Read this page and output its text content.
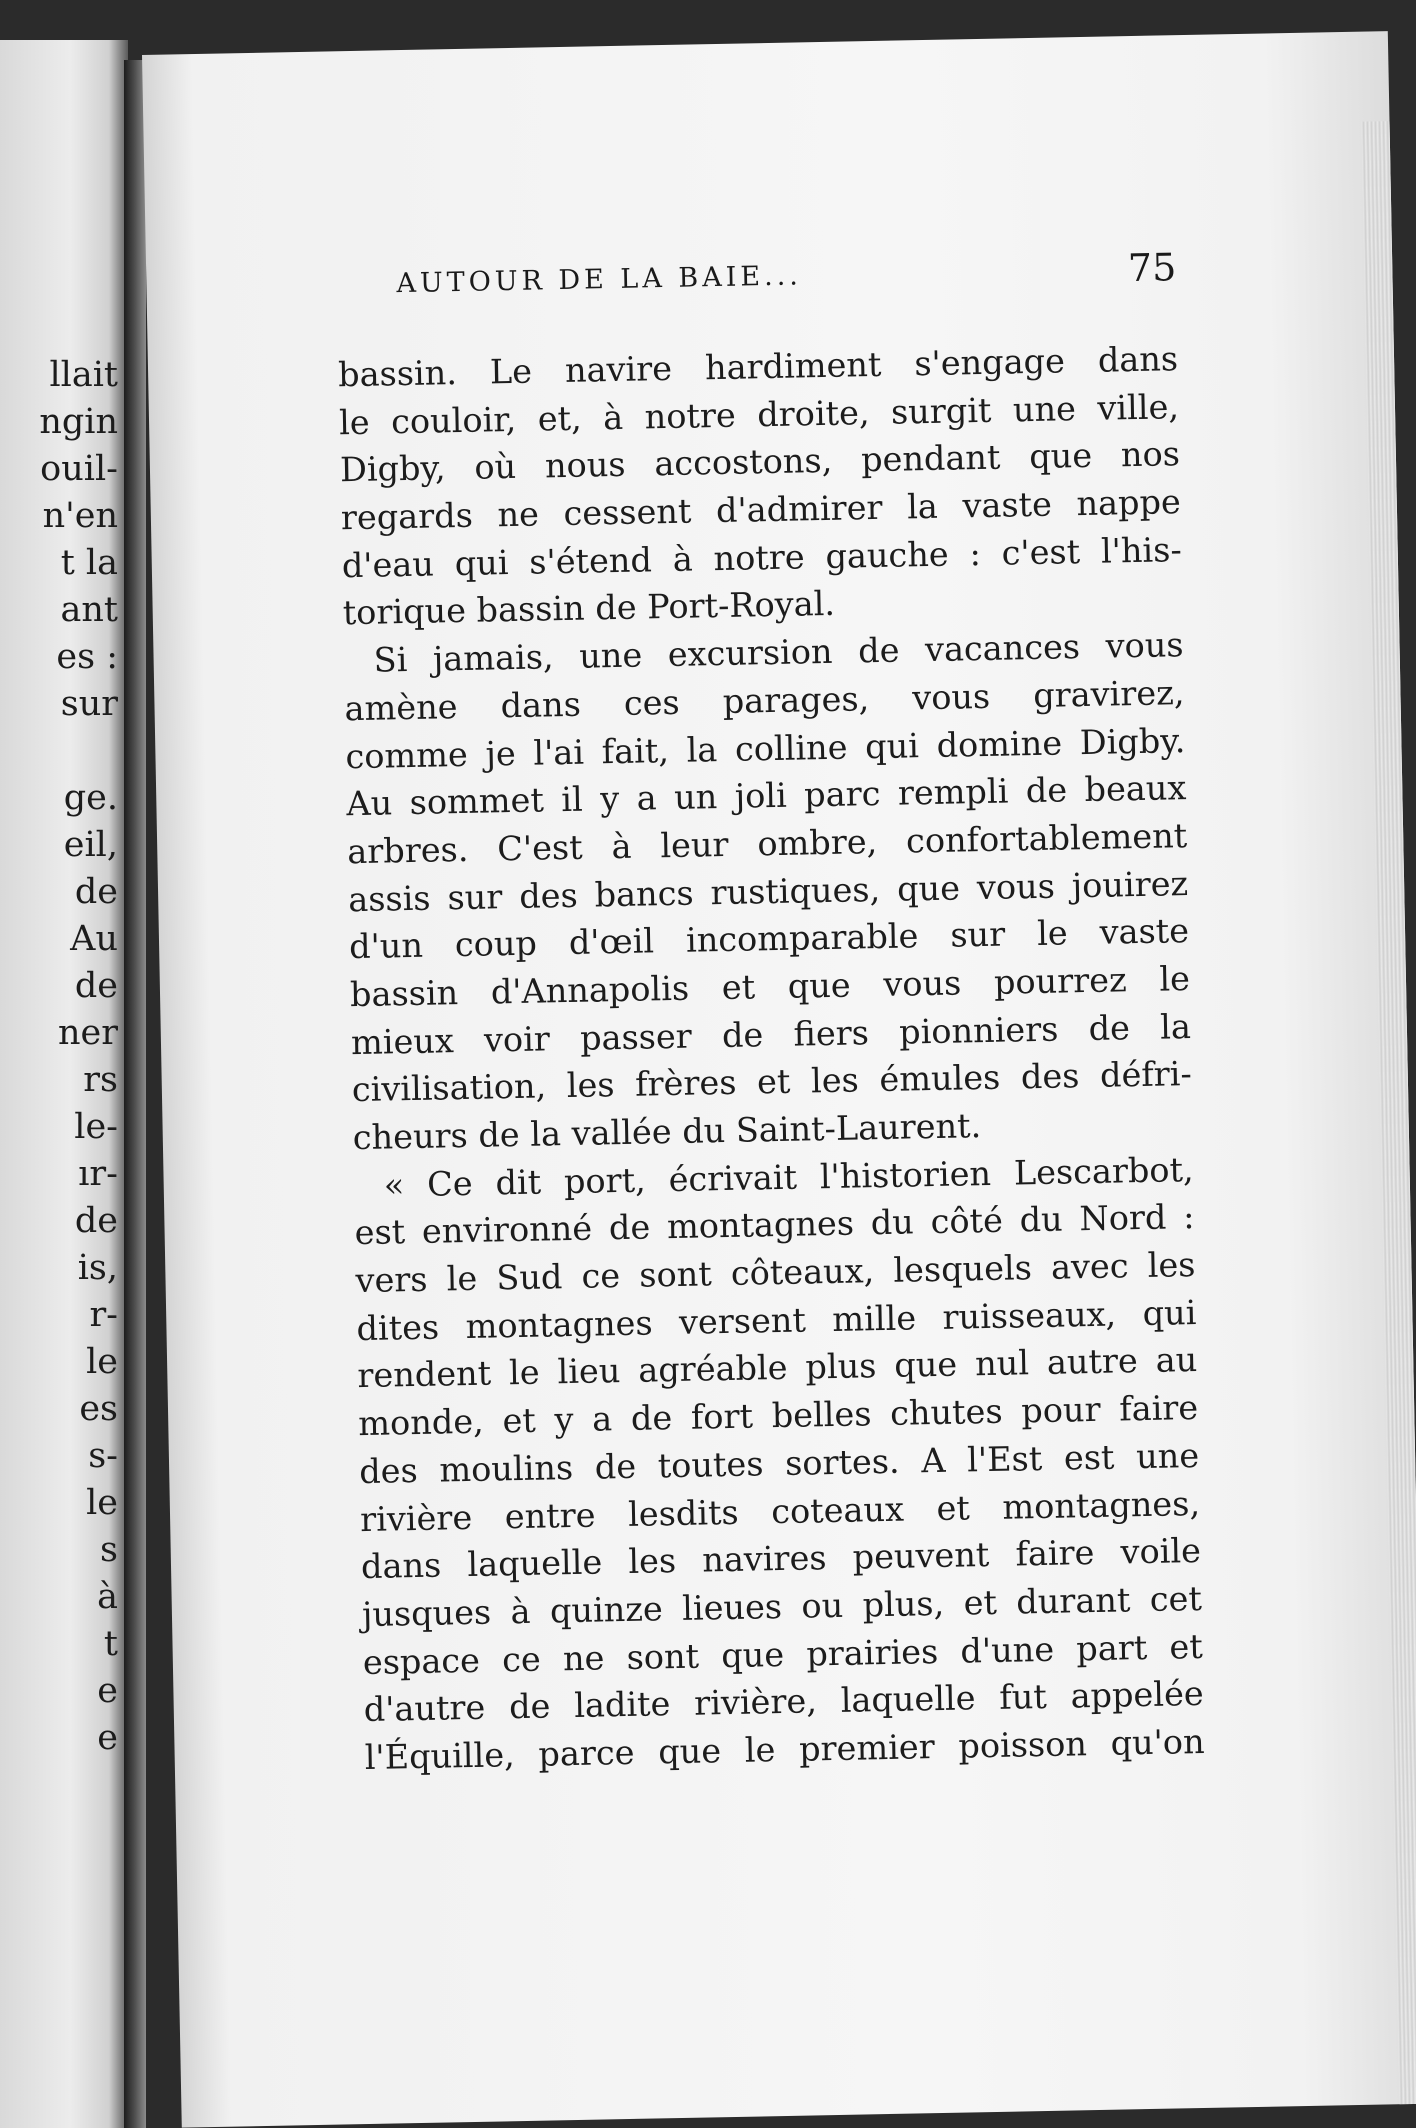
llait
ngin
ouil-
n'en
t la
ant
es :
sur
ge.
eil,
de
Au
de
ner
rs
le-
ır-
de
is,
r-
le
es
s-
le
s
à
t
e
e
AUTOUR DE LA BAIE...	75
bassin. Le navire hardiment s'engage dans
le couloir, et, à notre droite, surgit une ville,
Digby, où nous accostons, pendant que nos
regards ne cessent d'admirer la vaste nappe
d'eau qui s'étend à notre gauche : c'est l'his-
torique bassin de Port-Royal.
Si jamais, une excursion de vacances vous
amène dans ces parages, vous gravirez,
comme je l'ai fait, la colline qui domine Digby.
Au sommet il y a un joli parc rempli de beaux
arbres. C'est à leur ombre, confortablement
assis sur des bancs rustiques, que vous jouirez
d'un coup d'œil incomparable sur le vaste
bassin d'Annapolis et que vous pourrez le
mieux voir passer de fiers pionniers de la
civilisation, les frères et les émules des défri-
cheurs de la vallée du Saint-Laurent.
« Ce dit port, écrivait l'historien Lescarbot,
est environné de montagnes du côté du Nord :
vers le Sud ce sont côteaux, lesquels avec les
dites montagnes versent mille ruisseaux, qui
rendent le lieu agréable plus que nul autre au
monde, et y a de fort belles chutes pour faire
des moulins de toutes sortes. A l'Est est une
rivière entre lesdits coteaux et montagnes,
dans laquelle les navires peuvent faire voile
jusques à quinze lieues ou plus, et durant cet
espace ce ne sont que prairies d'une part et
d'autre de ladite rivière, laquelle fut appelée
l'Équille, parce que le premier poisson qu'on
